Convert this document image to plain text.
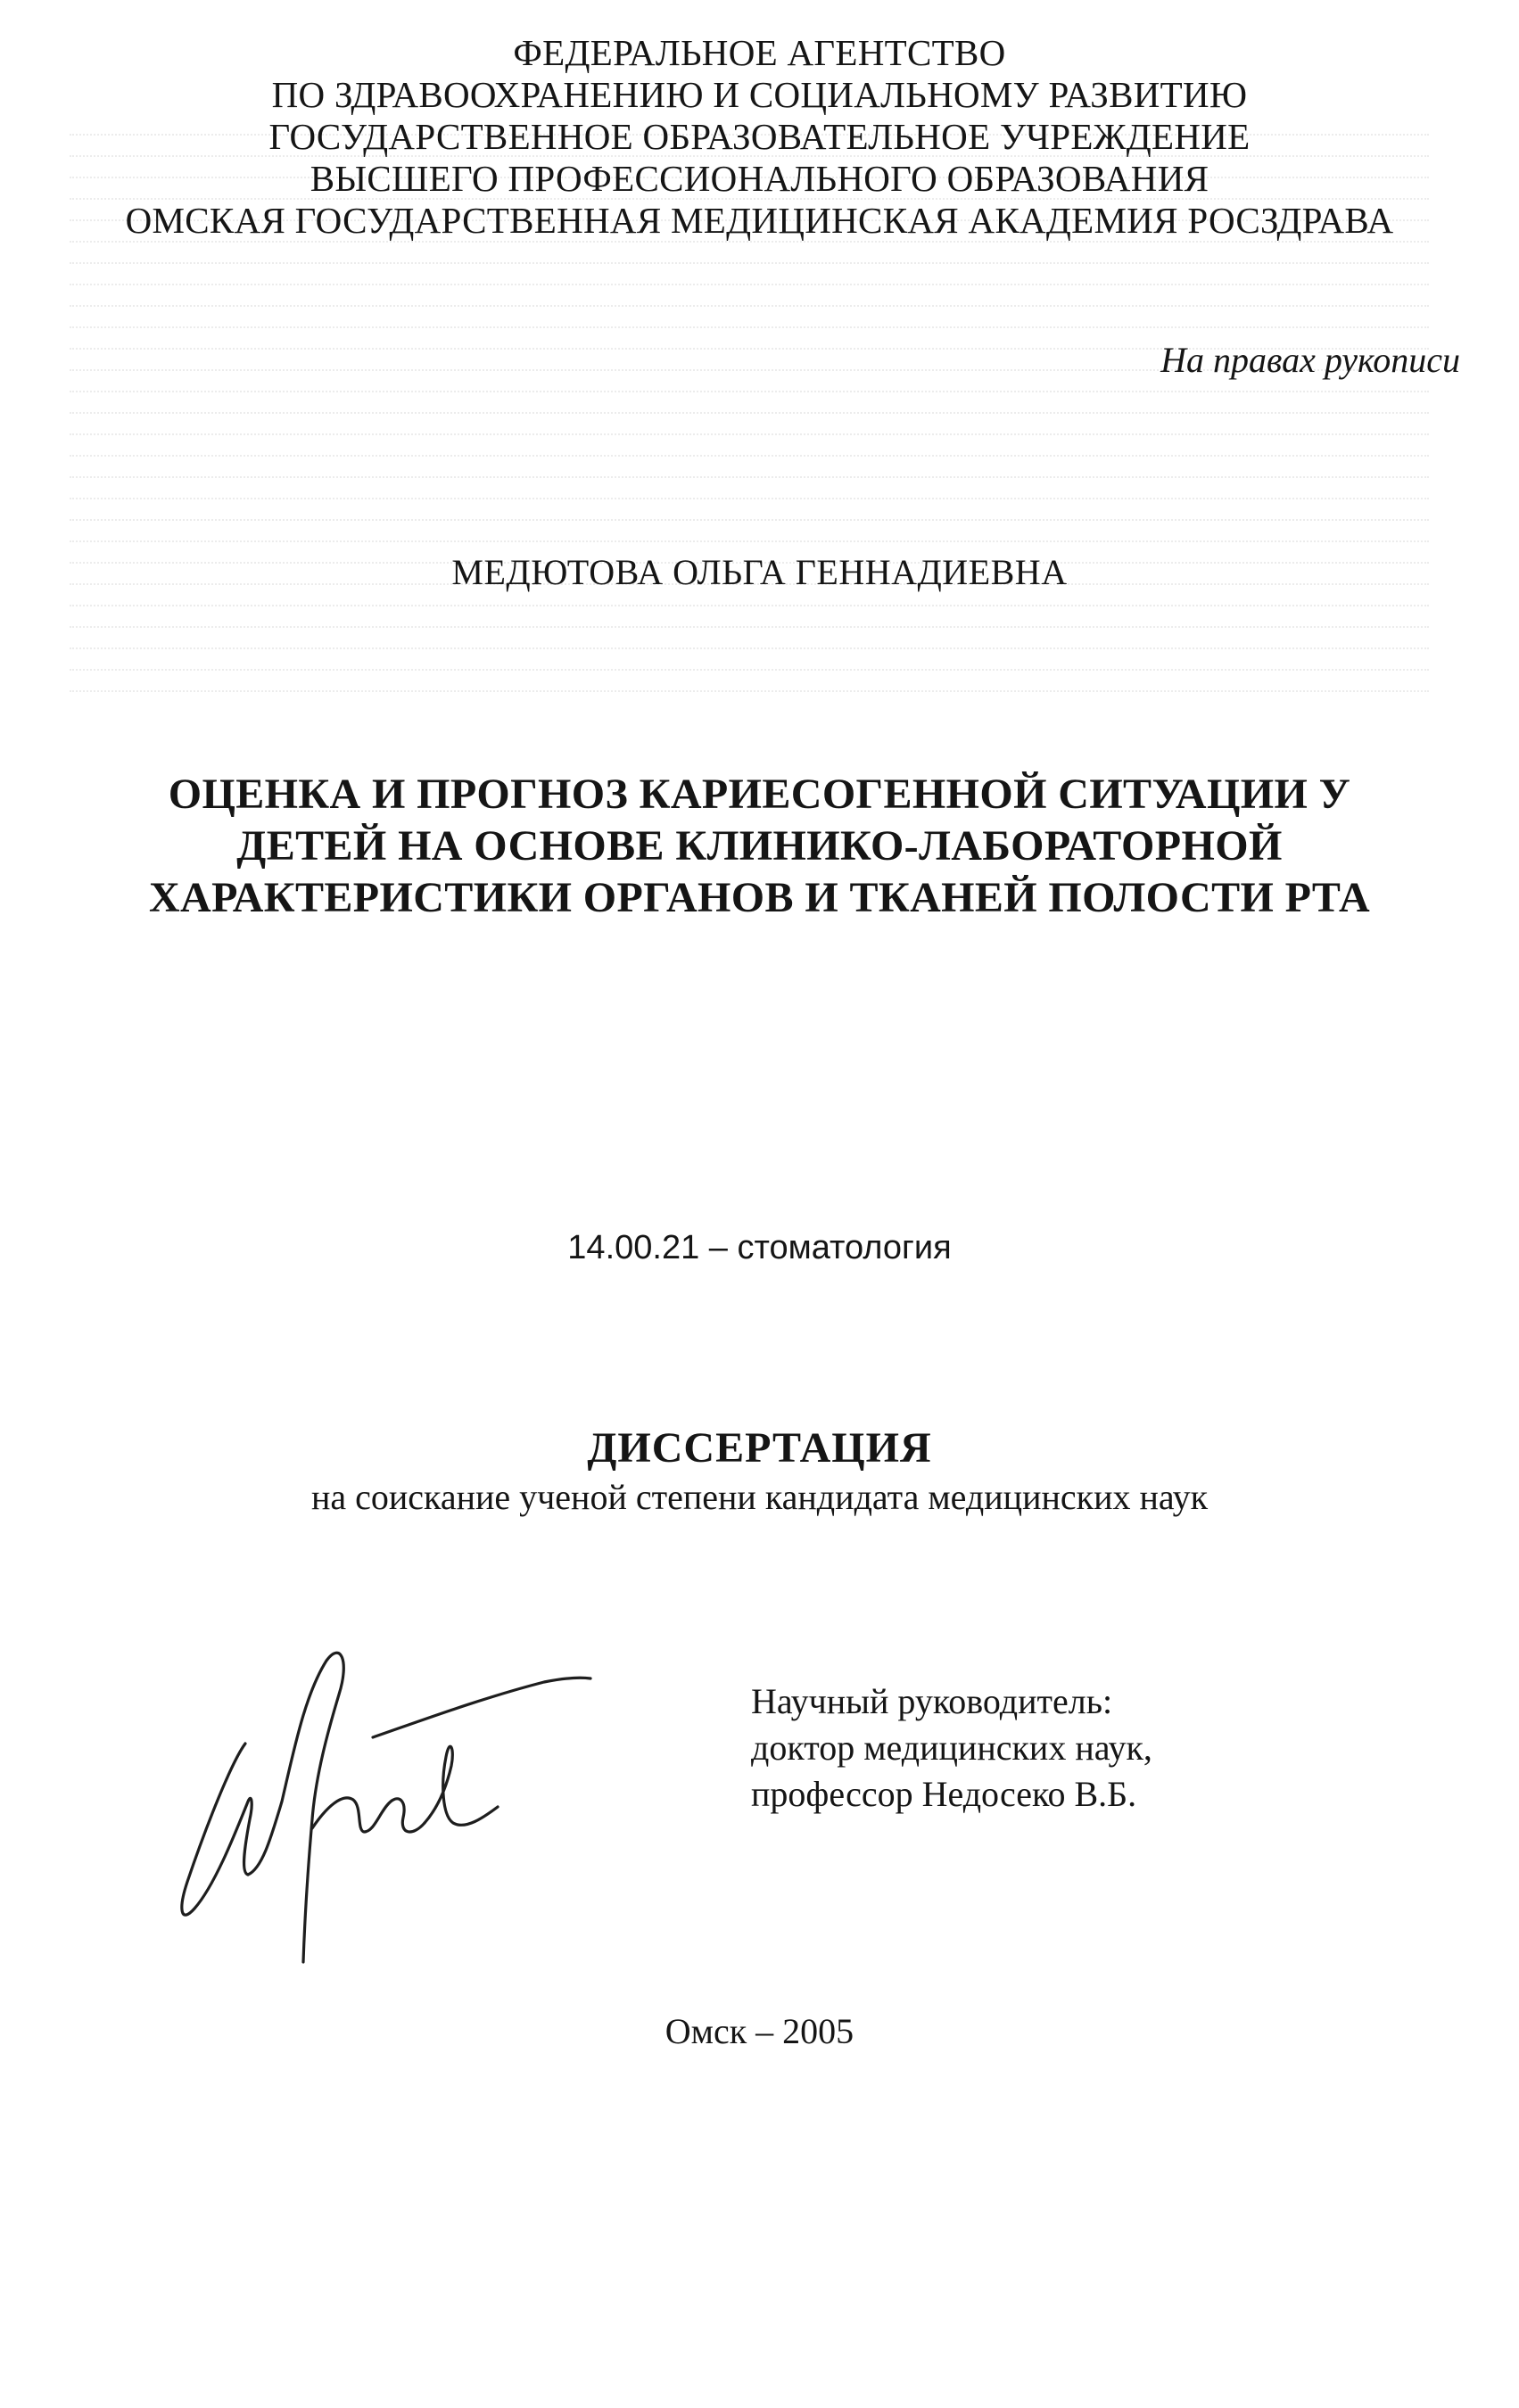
ФЕДЕРАЛЬНОЕ АГЕНТСТВО
ПО ЗДРАВООХРАНЕНИЮ И СОЦИАЛЬНОМУ РАЗВИТИЮ
ГОСУДАРСТВЕННОЕ ОБРАЗОВАТЕЛЬНОЕ УЧРЕЖДЕНИЕ
ВЫСШЕГО ПРОФЕССИОНАЛЬНОГО ОБРАЗОВАНИЯ
ОМСКАЯ ГОСУДАРСТВЕННАЯ МЕДИЦИНСКАЯ АКАДЕМИЯ РОСЗДРАВА
На правах рукописи
МЕДЮТОВА ОЛЬГА ГЕННАДИЕВНА
ОЦЕНКА И ПРОГНОЗ КАРИЕСОГЕННОЙ СИТУАЦИИ У
ДЕТЕЙ НА ОСНОВЕ КЛИНИКО-ЛАБОРАТОРНОЙ
ХАРАКТЕРИСТИКИ ОРГАНОВ И ТКАНЕЙ ПОЛОСТИ РТА
14.00.21 – стоматология
ДИССЕРТАЦИЯ
на соискание ученой степени кандидата медицинских наук
Научный руководитель:
доктор медицинских наук,
профессор Недосеко В.Б.
Омск – 2005
